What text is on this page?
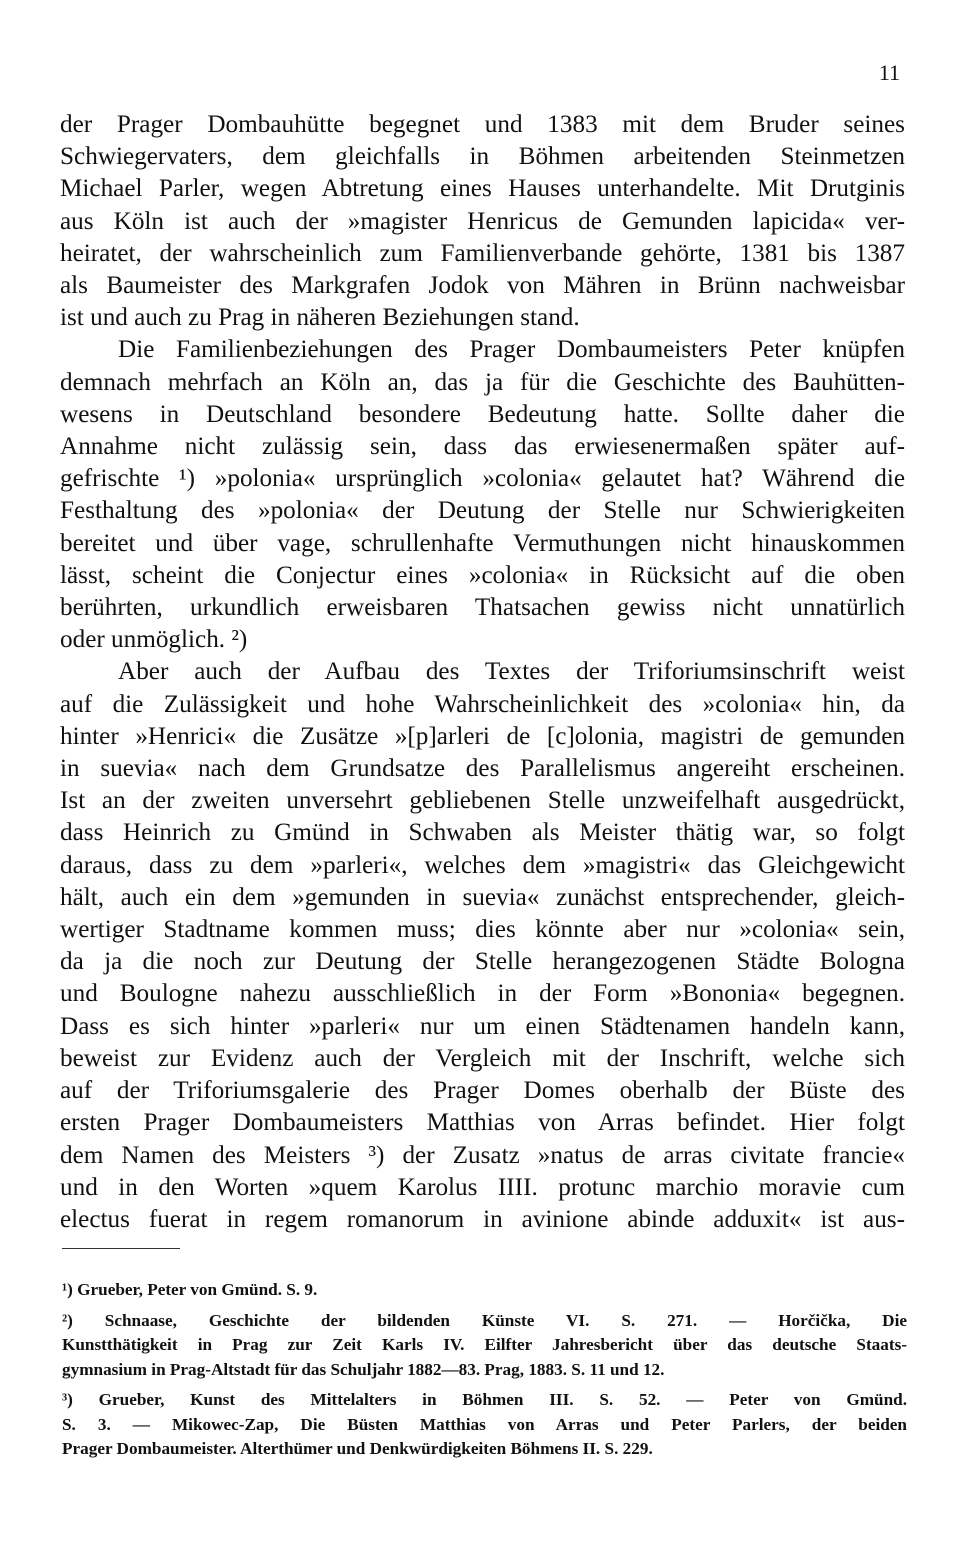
11
der Prager Dombauhütte begegnet und 1383 mit dem Bruder seines
Schwiegervaters, dem gleichfalls in Böhmen arbeitenden Steinmetzen
Michael Parler, wegen Abtretung eines Hauses unterhandelte. Mit Drutginis
aus Köln ist auch der »magister Henricus de Gemunden lapicida« ver-
heiratet, der wahrscheinlich zum Familienverbande gehörte, 1381 bis 1387
als Baumeister des Markgrafen Jodok von Mähren in Brünn nachweisbar
ist und auch zu Prag in näheren Beziehungen stand.
Die Familienbeziehungen des Prager Dombaumeisters Peter knüpfen
demnach mehrfach an Köln an, das ja für die Geschichte des Bauhütten-
wesens in Deutschland besondere Bedeutung hatte. Sollte daher die
Annahme nicht zulässig sein, dass das erwiesenermaßen später auf-
gefrischte ¹) »polonia« ursprünglich »colonia« gelautet hat? Während die
Festhaltung des »polonia« der Deutung der Stelle nur Schwierigkeiten
bereitet und über vage, schrullenhafte Vermuthungen nicht hinauskommen
lässt, scheint die Conjectur eines »colonia« in Rücksicht auf die oben
berührten, urkundlich erweisbaren Thatsachen gewiss nicht unnatürlich
oder unmöglich. ²)
Aber auch der Aufbau des Textes der Triforiumsinschrift weist
auf die Zulässigkeit und hohe Wahrscheinlichkeit des »colonia« hin, da
hinter »Henrici« die Zusätze »[p]arleri de [c]olonia, magistri de gemunden
in suevia« nach dem Grundsatze des Parallelismus angereiht erscheinen.
Ist an der zweiten unversehrt gebliebenen Stelle unzweifelhaft ausgedrückt,
dass Heinrich zu Gmünd in Schwaben als Meister thätig war, so folgt
daraus, dass zu dem »parleri«, welches dem »magistri« das Gleichgewicht
hält, auch ein dem »gemunden in suevia« zunächst entsprechender, gleich-
wertiger Stadtname kommen muss; dies könnte aber nur »colonia« sein,
da ja die noch zur Deutung der Stelle herangezogenen Städte Bologna
und Boulogne nahezu ausschließlich in der Form »Bononia« begegnen.
Dass es sich hinter »parleri« nur um einen Städtenamen handeln kann,
beweist zur Evidenz auch der Vergleich mit der Inschrift, welche sich
auf der Triforiumsgalerie des Prager Domes oberhalb der Büste des
ersten Prager Dombaumeisters Matthias von Arras befindet. Hier folgt
dem Namen des Meisters ³) der Zusatz »natus de arras civitate francie«
und in den Worten »quem Karolus IIII. protunc marchio moravie cum
electus fuerat in regem romanorum in avinione abinde adduxit« ist aus-
¹) Grueber, Peter von Gmünd. S. 9.
²) Schnaase, Geschichte der bildenden Künste VI. S. 271. — Horčička, Die
Kunstthätigkeit in Prag zur Zeit Karls IV. Eilfter Jahresbericht über das deutsche Staats-
gymnasium in Prag-Altstadt für das Schuljahr 1882—83. Prag, 1883. S. 11 und 12.
³) Grueber, Kunst des Mittelalters in Böhmen III. S. 52. — Peter von Gmünd.
S. 3. — Mikowec-Zap, Die Büsten Matthias von Arras und Peter Parlers, der beiden
Prager Dombaumeister. Alterthümer und Denkwürdigkeiten Böhmens II. S. 229.
